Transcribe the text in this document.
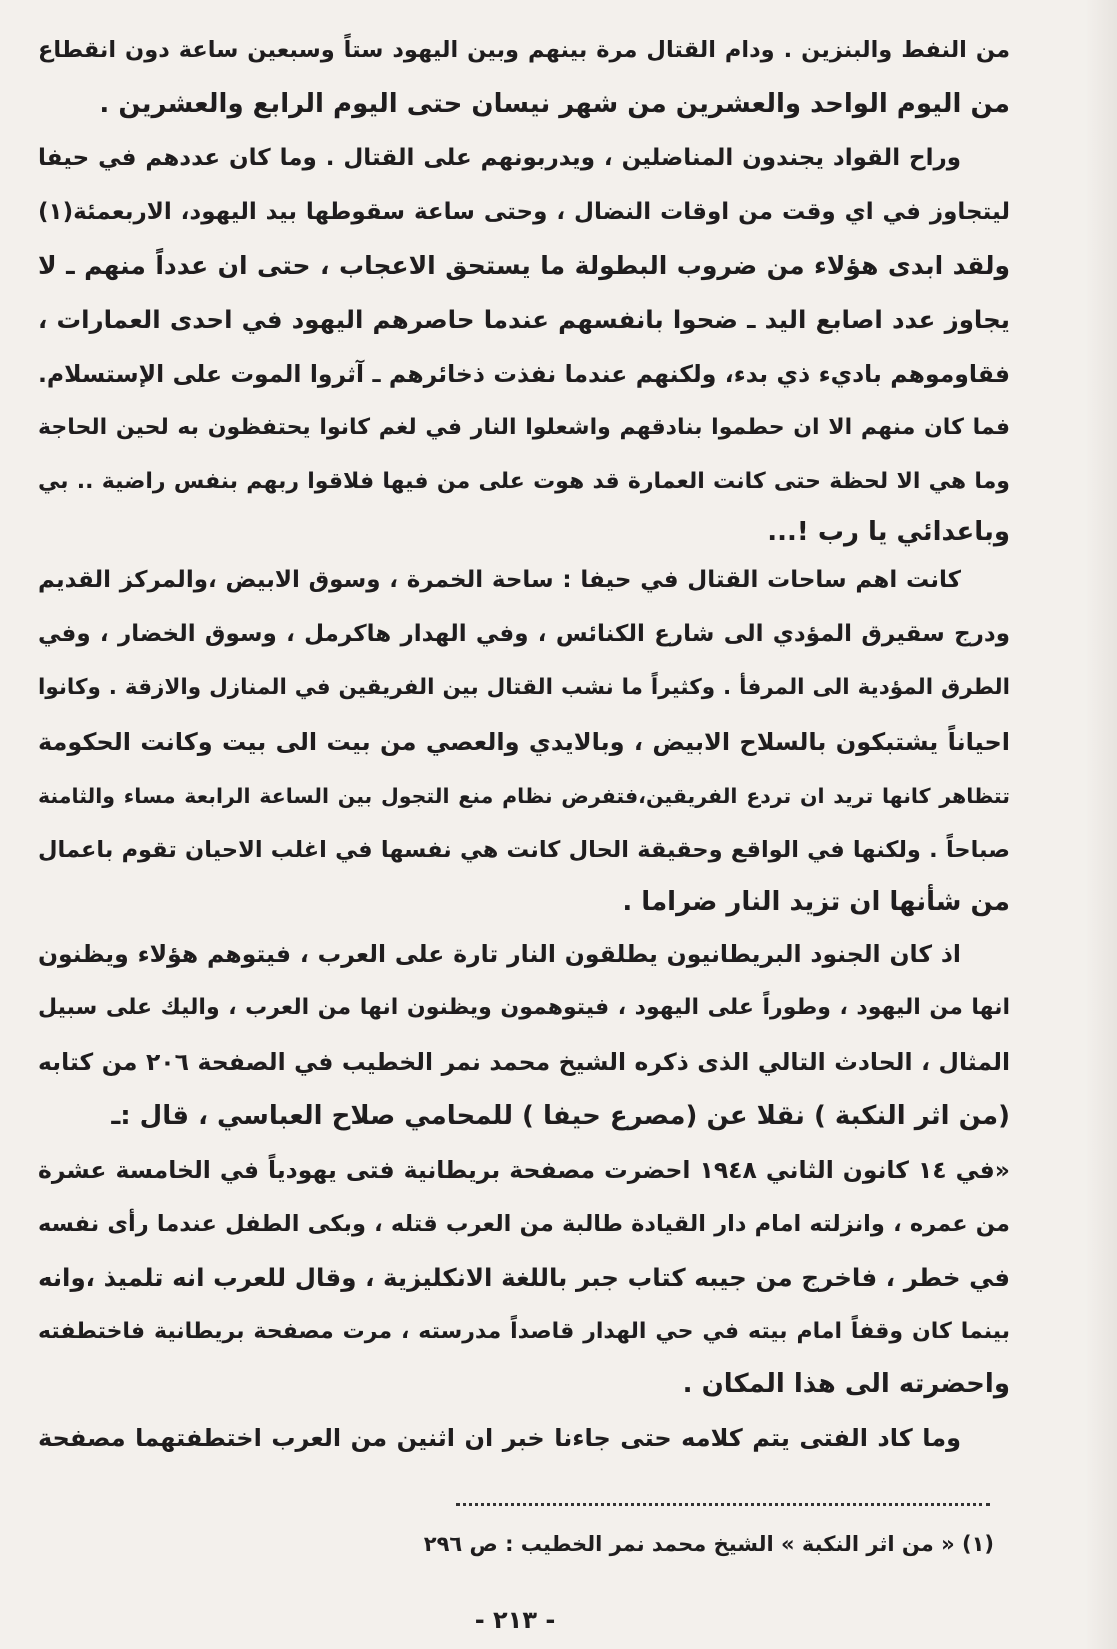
من النفط والبنزين . ودام القتال مرة بينهم وبين اليهود ستاً وسبعين ساعة دون انقطاع
من اليوم الواحد والعشرين من شهر نيسان حتى اليوم الرابع والعشرين .
وراح القواد يجندون المناضلين ، ويدربونهم على القتال . وما كان عددهم في حيفا
ليتجاوز في اي وقت من اوقات النضال ، وحتى ساعة سقوطها بيد اليهود، الاربعمئة(١)
ولقد ابدى هؤلاء من ضروب البطولة ما يستحق الاعجاب ، حتى ان عدداً منهم ـ لا
يجاوز عدد اصابع اليد ـ ضحوا بانفسهم عندما حاصرهم اليهود في احدى العمارات ،
فقاوموهم باديء ذي بدء، ولكنهم عندما نفذت ذخائرهم ـ آثروا الموت على الإستسلام.
فما كان منهم الا ان حطموا بنادقهم واشعلوا النار في لغم كانوا يحتفظون به لحين الحاجة
وما هي الا لحظة حتى كانت العمارة قد هوت على من فيها فلاقوا ربهم بنفس راضية .. بي
وباعدائي يا رب !...
كانت اهم ساحات القتال في حيفا : ساحة الخمرة ، وسوق الابيض ،والمركز القديم
ودرج سقيرق المؤدي الى شارع الكنائس ، وفي الهدار هاكرمل ، وسوق الخضار ، وفي
الطرق المؤدية الى المرفأ . وكثيراً ما نشب القتال بين الفريقين في المنازل والازقة . وكانوا
احياناً يشتبكون بالسلاح الابيض ، وبالايدي والعصي من بيت الى بيت وكانت الحكومة
تتظاهر كانها تريد ان تردع الفريقين،فتفرض نظام منع التجول بين الساعة الرابعة مساء والثامنة
صباحاً . ولكنها في الواقع وحقيقة الحال كانت هي نفسها في اغلب الاحيان تقوم باعمال
من شأنها ان تزيد النار ضراما .
اذ كان الجنود البريطانيون يطلقون النار تارة على العرب ، فيتوهم هؤلاء ويظنون
انها من اليهود ، وطوراً على اليهود ، فيتوهمون ويظنون انها من العرب ، واليك على سبيل
المثال ، الحادث التالي الذى ذكره الشيخ محمد نمر الخطيب في الصفحة ٢٠٦ من كتابه
(من اثر النكبة ) نقلا عن (مصرع حيفا ) للمحامي صلاح العباسي ، قال :ـ
«في ١٤ كانون الثاني ١٩٤٨ احضرت مصفحة بريطانية فتى يهودياً في الخامسة عشرة
من عمره ، وانزلته امام دار القيادة طالبة من العرب قتله ، وبكى الطفل عندما رأى نفسه
في خطر ، فاخرج من جيبه كتاب جبر باللغة الانكليزية ، وقال للعرب انه تلميذ ،وانه
بينما كان وقفاً امام بيته في حي الهدار قاصداً مدرسته ، مرت مصفحة بريطانية فاختطفته
واحضرته الى هذا المكان .
وما كاد الفتى يتم كلامه حتى جاءنا خبر ان اثنين من العرب اختطفتهما مصفحة
(١) « من اثر النكبة » الشيخ محمد نمر الخطيب : ص ٢٩٦
- ٢١٣ -
